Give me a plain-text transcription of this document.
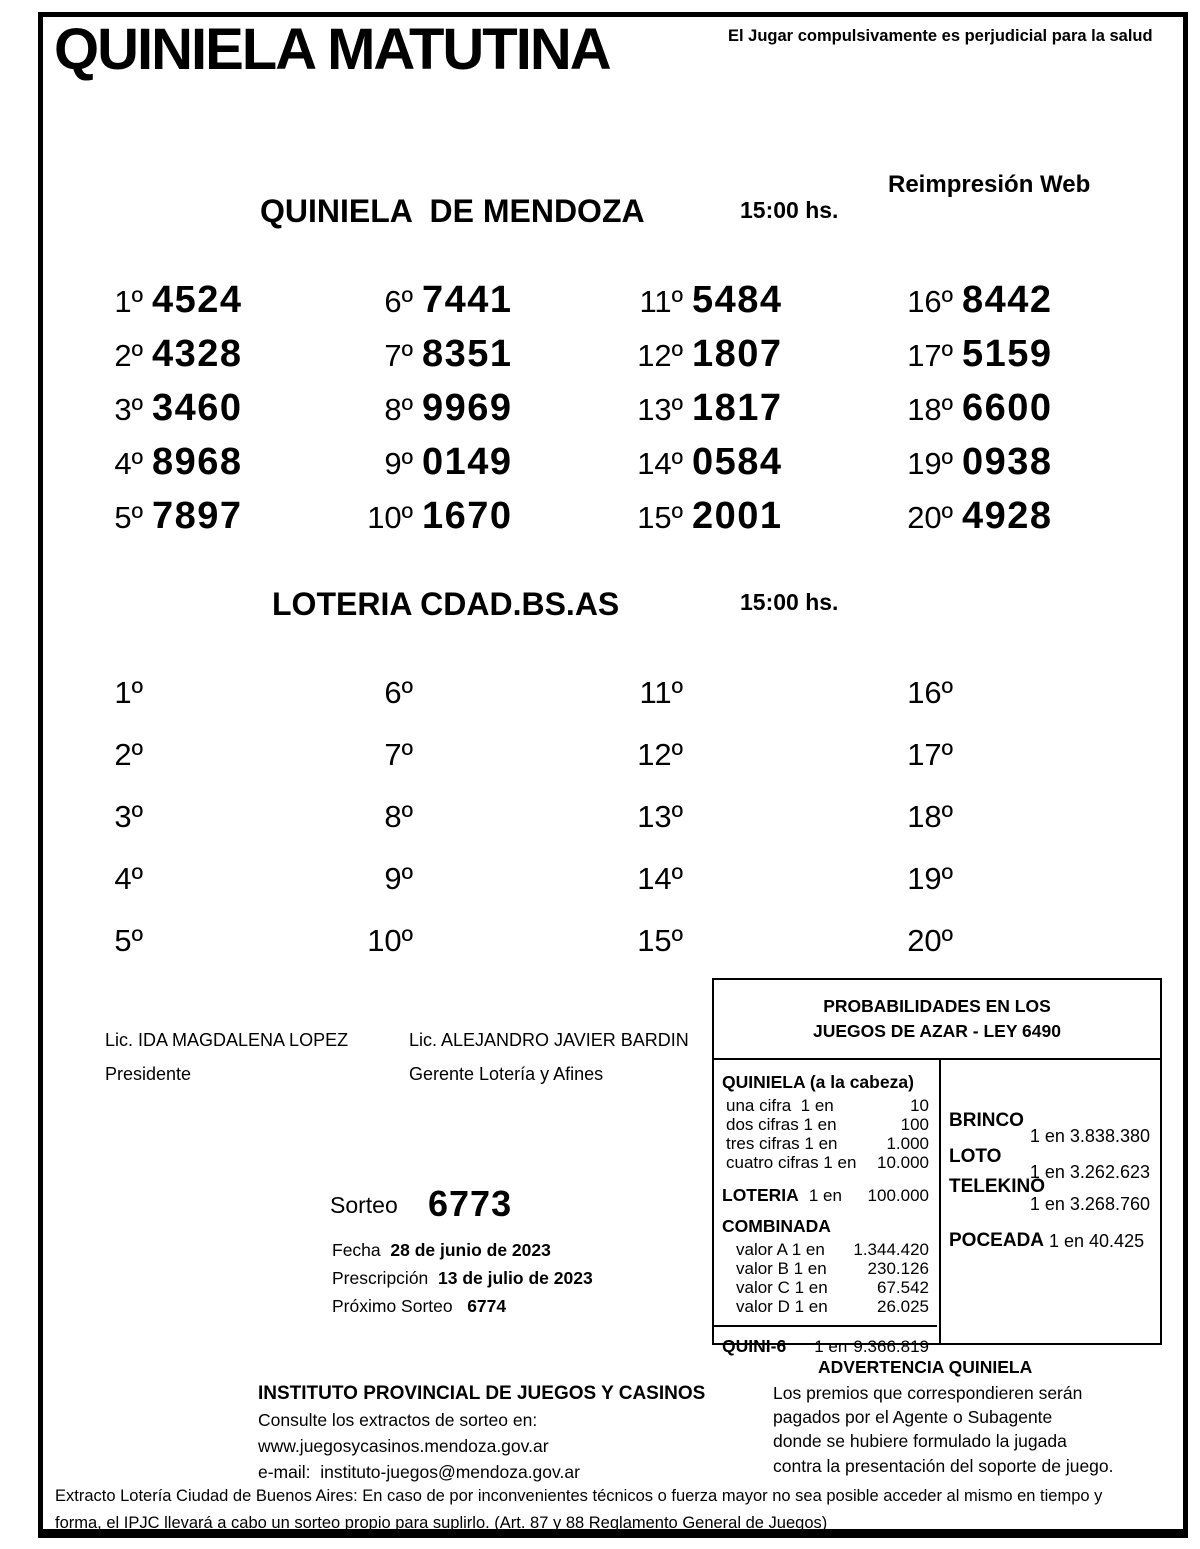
QUINIELA MATUTINA	El Jugar compulsivamente es perjudicial para la salud
QUINIELA  DE MENDOZA	15:00 hs.
Reimpresión Web
1º 4524
2º 4328
3º 3460
4º 8968
5º 7897
6º 7441
7º 8351
8º 9969
9º 0149
10º 1670
11º 5484
12º 1807
13º 1817
14º 0584
15º 2001
16º 8442
17º 5159
18º 6600
19º 0938
20º 4928
LOTERIA CDAD.BS.AS	15:00 hs.
1º
2º
3º
4º
5º
6º
7º
8º
9º
10º
11º
12º
13º
14º
15º
16º
17º
18º
19º
20º
Lic. IDA MAGDALENA LOPEZ
Presidente
Lic. ALEJANDRO JAVIER BARDIN
Gerente Lotería y Afines
PROBABILIDADES EN LOS
JUEGOS DE AZAR - LEY 6490
QUINIELA (a la cabeza)
una cifra  1 en	10
dos cifras 1 en	100
tres cifras 1 en	1.000
cuatro cifras 1 en 10.000
LOTERIA 1 en 100.000
COMBINADA
valor A 1 en 1.344.420
valor B 1 en 230.126
valor C 1 en	67.542
valor D 1 en	26.025
QUINI-6 1 en 9.366.819
BRINCO
1 en 3.838.380
LOTO
1 en 3.262.623
TELEKINO
1 en 3.268.760
POCEADA 1 en 40.425
Sorteo 6773
Fecha 28 de junio de 2023
Prescripción 13 de julio de 2023
Próximo Sorteo 6774
INSTITUTO PROVINCIAL DE JUEGOS Y CASINOS
Consulte los extractos de sorteo en:
www.juegosycasinos.mendoza.gov.ar
e-mail:  instituto-juegos@mendoza.gov.ar
ADVERTENCIA QUINIELA
Los premios que correspondieren serán
pagados por el Agente o Subagente
donde se hubiere formulado la jugada
contra la presentación del soporte de juego.
Extracto Lotería Ciudad de Buenos Aires: En caso de por inconvenientes técnicos o fuerza mayor no sea posible acceder al mismo en tiempo y
forma, el IPJC llevará a cabo un sorteo propio para suplirlo. (Art. 87 y 88 Reglamento General de Juegos)
